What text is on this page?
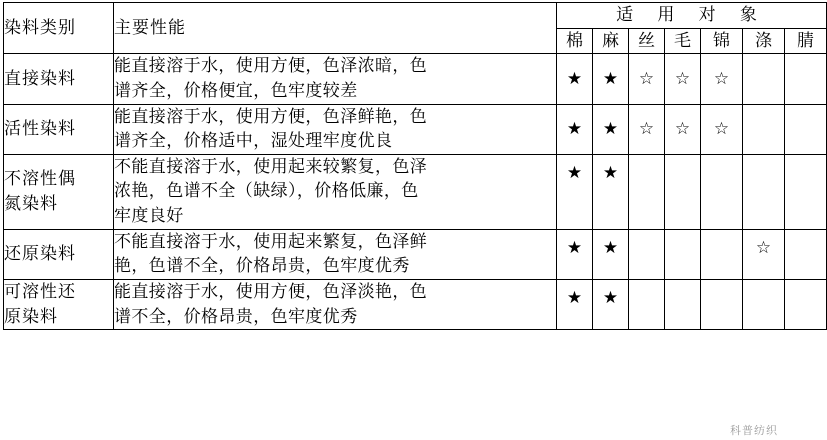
染料类别	主要性能	适 用 对 象						
		棉	麻	丝	毛	锦	涤	腈

直接染料	能直接溶于水，使用方便，色泽浓暗，色
谱齐全，价格便宜，色牢度较差	★	★	☆	☆	☆		

活性染料	能直接溶于水，使用方便，色泽鲜艳，色
谱齐全，价格适中，湿处理牢度优良	★	★	☆	☆	☆		

不溶性偶
氮染料	不能直接溶于水，使用起来较繁复，色泽
浓艳，色谱不全（缺绿），价格低廉，色
牢度良好	★	★					

还原染料	不能直接溶于水，使用起来繁复，色泽鲜
艳，色谱不全，价格昂贵，色牢度优秀	★	★				☆	

可溶性还
原染料	能直接溶于水，使用方便，色泽淡艳，色
谱不全，价格昂贵，色牢度优秀	★	★					
科普纺织
